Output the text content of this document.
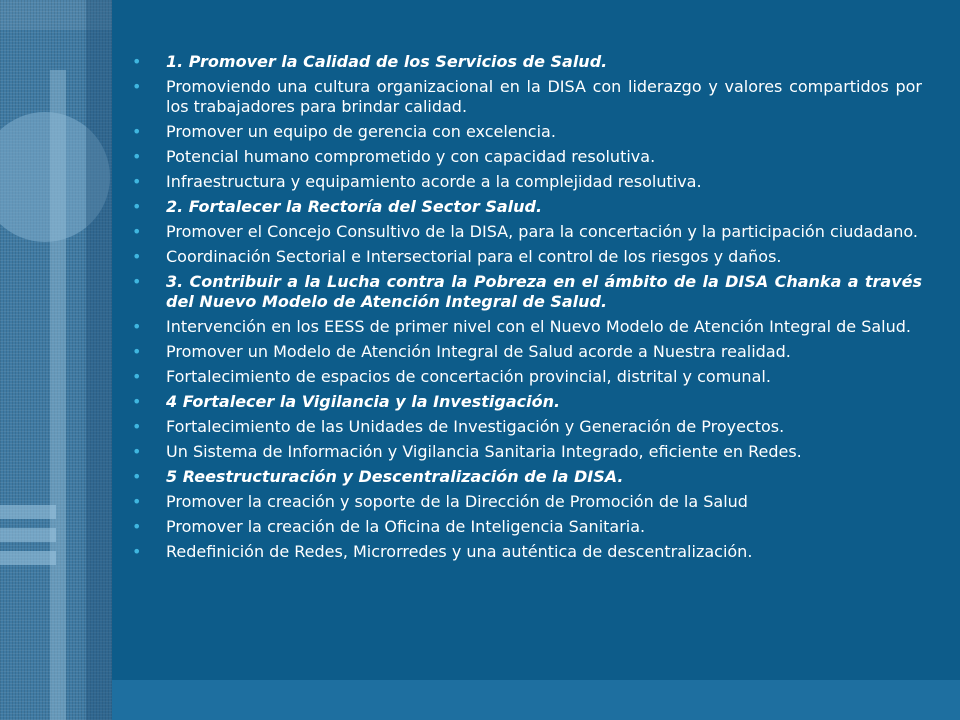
• 1. Promover la Calidad de los Servicios de Salud.
• Promoviendo una cultura organizacional en la DISA con liderazgo y valores compartidos por los trabajadores para brindar calidad.
• Promover un equipo de gerencia con excelencia.
• Potencial humano comprometido y con capacidad resolutiva.
• Infraestructura y equipamiento acorde a la complejidad resolutiva.
• 2. Fortalecer la Rectoría del Sector Salud.
• Promover el Concejo Consultivo de la DISA, para la concertación y la participación ciudadano.
• Coordinación Sectorial e Intersectorial para el control de los riesgos y daños.
• 3. Contribuir a la Lucha contra la Pobreza en el ámbito de la DISA Chanka a través del Nuevo Modelo de Atención Integral de Salud.
• Intervención en los EESS de primer nivel con el Nuevo Modelo de Atención Integral de Salud.
• Promover un Modelo de Atención Integral de Salud acorde a Nuestra realidad.
• Fortalecimiento de espacios de concertación provincial, distrital y comunal.
• 4 Fortalecer la Vigilancia y la Investigación.
• Fortalecimiento de las Unidades de Investigación y Generación de Proyectos.
• Un Sistema de Información y Vigilancia Sanitaria Integrado, eficiente en Redes.
• 5 Reestructuración y Descentralización de la DISA.
• Promover la creación y soporte de la Dirección de Promoción de la Salud
• Promover la creación de la Oficina de Inteligencia Sanitaria.
• Redefinición de Redes, Microrredes y una auténtica de descentralización.
